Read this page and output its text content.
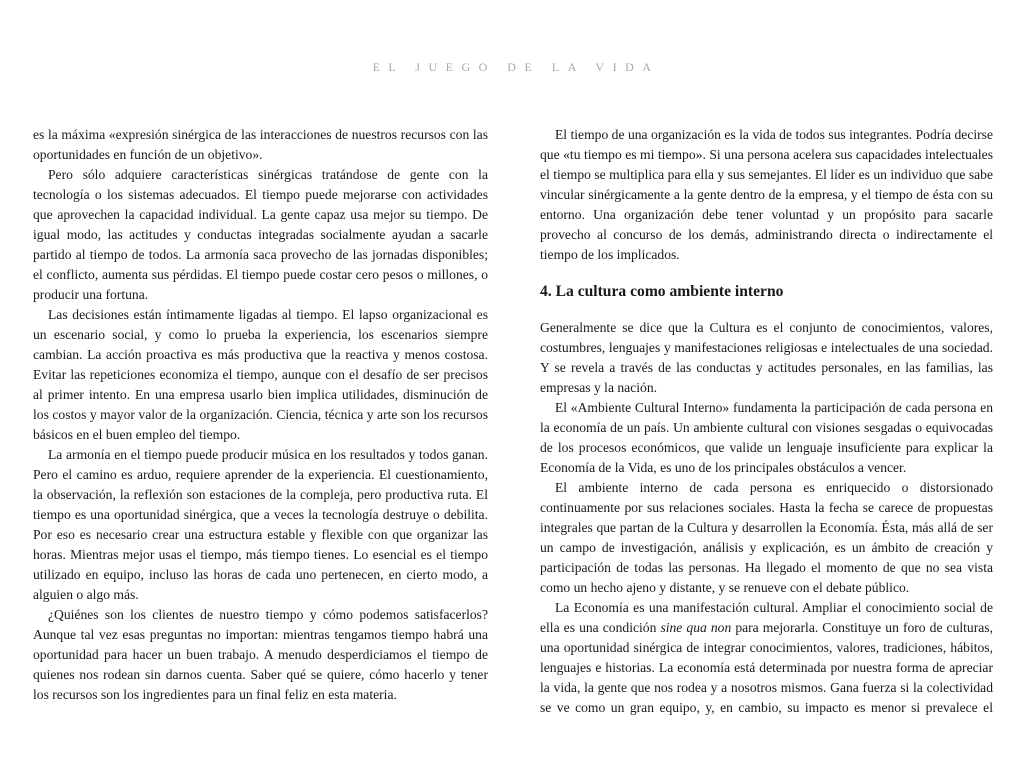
EL JUEGO DE LA VIDA

es la máxima «expresión sinérgica de las interacciones de nuestros recursos con las oportunidades en función de un objetivo».

Pero sólo adquiere características sinérgicas tratándose de gente con la tecnología o los sistemas adecuados. El tiempo puede mejorarse con actividades que aprovechen la capacidad individual. La gente capaz usa mejor su tiempo. De igual modo, las actitudes y conductas integradas socialmente ayudan a sacarle partido al tiempo de todos. La armonía saca provecho de las jornadas disponibles; el conflicto, aumenta sus pérdidas. El tiempo puede costar cero pesos o millones, o producir una fortuna.

Las decisiones están íntimamente ligadas al tiempo. El lapso organizacional es un escenario social, y como lo prueba la experiencia, los escenarios siempre cambian. La acción proactiva es más productiva que la reactiva y menos costosa. Evitar las repeticiones economiza el tiempo, aunque con el desafío de ser precisos al primer intento. En una empresa usarlo bien implica utilidades, disminución de los costos y mayor valor de la organización. Ciencia, técnica y arte son los recursos básicos en el buen empleo del tiempo.

La armonía en el tiempo puede producir música en los resultados y todos ganan. Pero el camino es arduo, requiere aprender de la experiencia. El cuestionamiento, la observación, la reflexión son estaciones de la compleja, pero productiva ruta. El tiempo es una oportunidad sinérgica, que a veces la tecnología destruye o debilita. Por eso es necesario crear una estructura estable y flexible con que organizar las horas. Mientras mejor usas el tiempo, más tiempo tienes. Lo esencial es el tiempo utilizado en equipo, incluso las horas de cada uno pertenecen, en cierto modo, a alguien o algo más.

¿Quiénes son los clientes de nuestro tiempo y cómo podemos satisfacerlos? Aunque tal vez esas preguntas no importan: mientras tengamos tiempo habrá una oportunidad para hacer un buen trabajo. A menudo desperdiciamos el tiempo de quienes nos rodean sin darnos cuenta. Saber qué se quiere, cómo hacerlo y tener los recursos son los ingredientes para un final feliz en esta materia.

El tiempo de una organización es la vida de todos sus integrantes. Podría decirse que «tu tiempo es mi tiempo». Si una persona acelera sus capacidades intelectuales el tiempo se multiplica para ella y sus semejantes. El líder es un individuo que sabe vincular sinérgicamente a la gente dentro de la empresa, y el tiempo de ésta con su entorno. Una organización debe tener voluntad y un propósito para sacarle provecho al concurso de los demás, administrando directa o indirectamente el tiempo de los implicados.

4. La cultura como ambiente interno

Generalmente se dice que la Cultura es el conjunto de conocimientos, valores, costumbres, lenguajes y manifestaciones religiosas e intelectuales de una sociedad. Y se revela a través de las conductas y actitudes personales, en las familias, las empresas y la nación.

El «Ambiente Cultural Interno» fundamenta la participación de cada persona en la economía de un país. Un ambiente cultural con visiones sesgadas o equivocadas de los procesos económicos, que valide un lenguaje insuficiente para explicar la Economía de la Vida, es uno de los principales obstáculos a vencer.

El ambiente interno de cada persona es enriquecido o distorsionado continuamente por sus relaciones sociales. Hasta la fecha se carece de propuestas integrales que partan de la Cultura y desarrollen la Economía. Ésta, más allá de ser un campo de investigación, análisis y explicación, es un ámbito de creación y participación de todas las personas. Ha llegado el momento de que no sea vista como un hecho ajeno y distante, y se renueve con el debate público.

La Economía es una manifestación cultural. Ampliar el conocimiento social de ella es una condición sine qua non para mejorarla. Constituye un foro de culturas, una oportunidad sinérgica de integrar conocimientos, valores, tradiciones, hábitos, lenguajes e historias. La economía está determinada por nuestra forma de apreciar la vida, la gente que nos rodea y a nosotros mismos. Gana fuerza si la colectividad se ve como un gran equipo, y, en cambio, su impacto es menor si prevalece el
